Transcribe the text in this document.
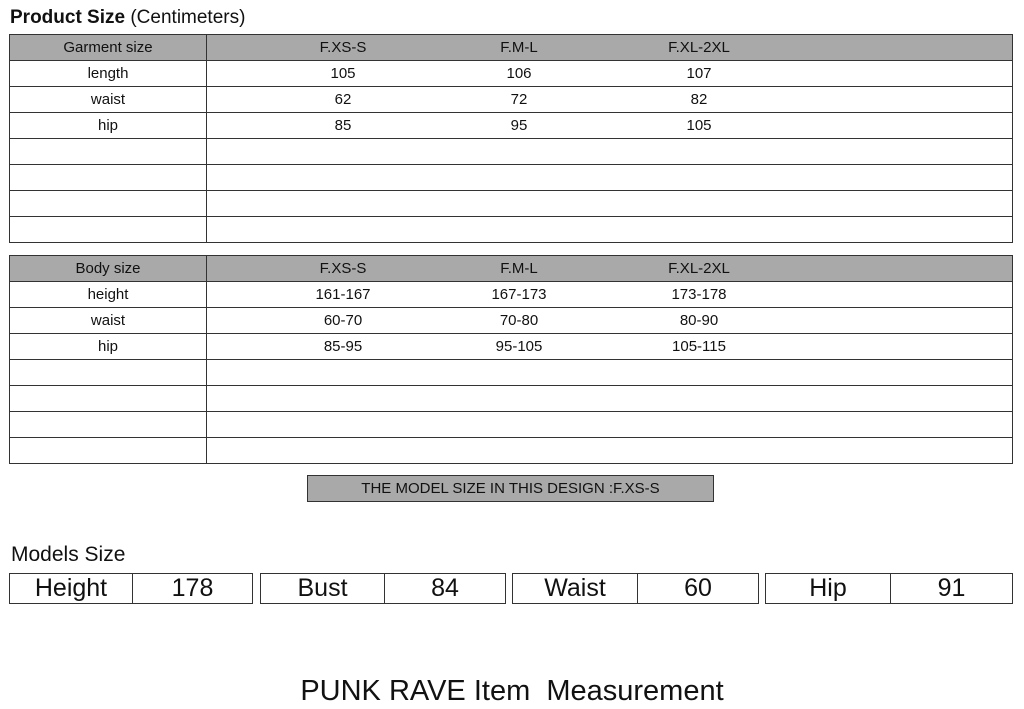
Product Size (Centimeters)
Garment size	F.XS-S F.M-L F.XL-2XL

length	105 106 107

waist	62 72 82

hip	85 95 105

Body size	F.XS-S F.M-L F.XL-2XL

height	161-167 167-173 173-178

waist	60-70 70-80 80-90

hip	85-95 95-105 105-115

THE MODEL SIZE IN THIS DESIGN :F.XS-S
Models Size
Height	178	Bust	84	Waist	60	Hip	91
PUNK RAVE Item  Measurement
